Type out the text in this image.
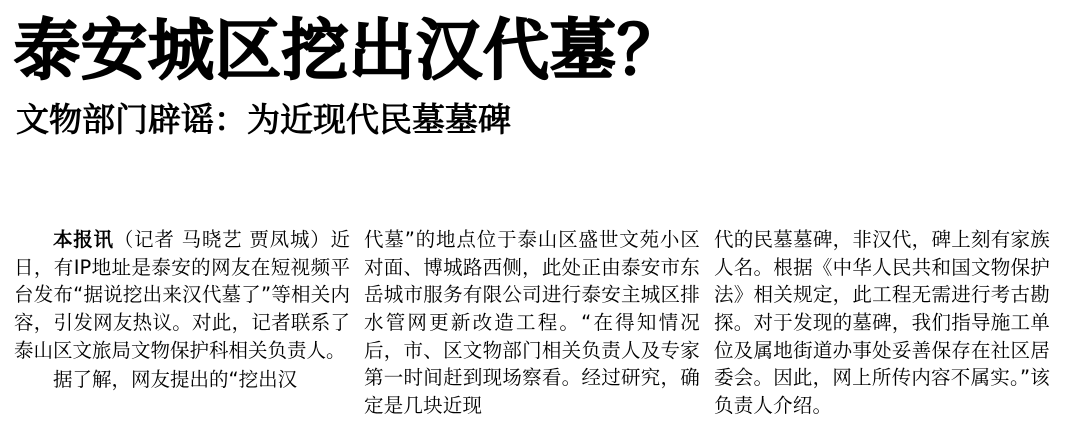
泰安城区挖出汉代墓？
文物部门辟谣：为近现代民墓墓碑

本报讯（记者 马晓艺 贾凤城）近日，有IP地址是泰安的网友在短视频平台发布“据说挖出来汉代墓了”等相关内容，引发网友热议。对此，记者联系了泰山区文旅局文物保护科相关负责人。

据了解，网友提出的“挖出汉

代墓”的地点位于泰山区盛世文苑小区对面、博城路西侧，此处正由泰安市东岳城市服务有限公司进行泰安主城区排水管网更新改造工程。“在得知情况后，市、区文物部门相关负责人及专家第一时间赶到现场察看。经过研究，确定是几块近现

代的民墓墓碑，非汉代，碑上刻有家族人名。根据《中华人民共和国文物保护法》相关规定，此工程无需进行考古勘探。对于发现的墓碑，我们指导施工单位及属地街道办事处妥善保存在社区居委会。因此，网上所传内容不属实。”该负责人介绍。
